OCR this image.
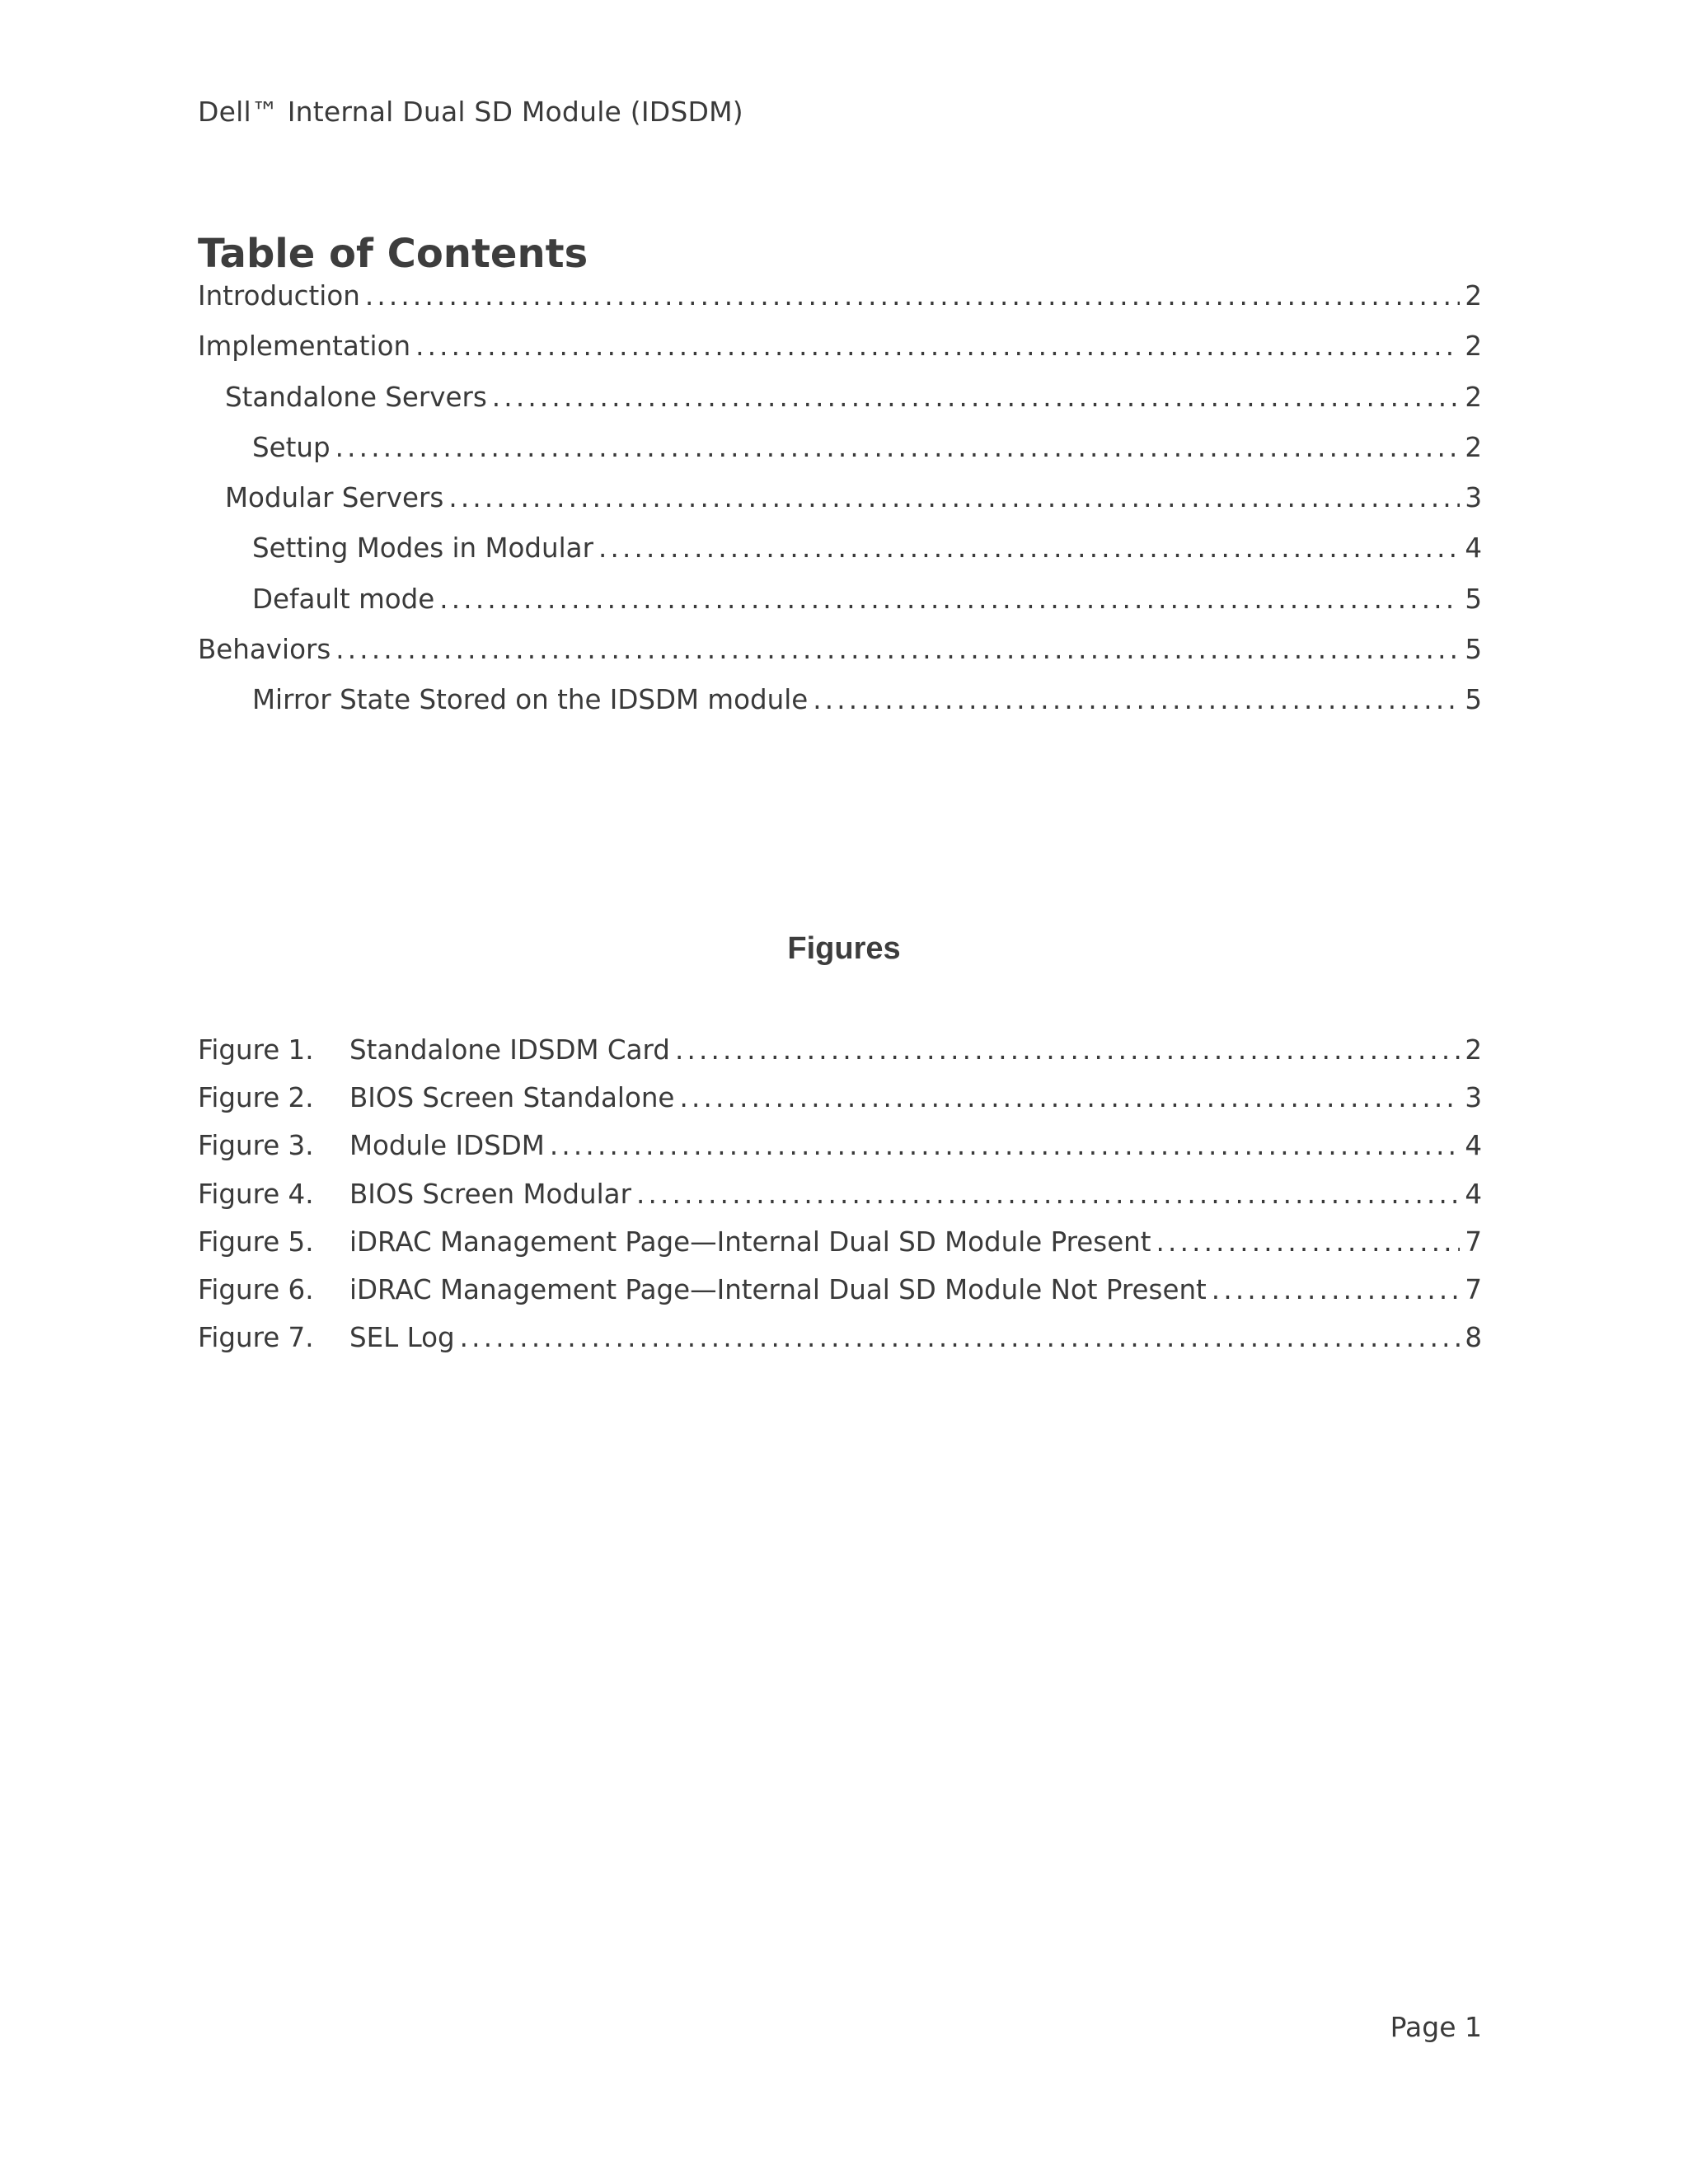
Dell™ Internal Dual SD Module (IDSDM)
Table of Contents
Introduction .....	2
Implementation .....	2
Standalone Servers .....	2
Setup .....	2
Modular Servers .....	3
Setting Modes in Modular .....	4
Default mode .....	5
Behaviors .....	5
Mirror State Stored on the IDSDM module .....	5
Figures
Figure 1.	Standalone IDSDM Card .....	2
Figure 2.	BIOS Screen Standalone .....	3
Figure 3.	Module IDSDM .....	4
Figure 4.	BIOS Screen Modular .....	4
Figure 5.	iDRAC Management Page—Internal Dual SD Module Present .....	7
Figure 6.	iDRAC Management Page—Internal Dual SD Module Not Present .....	7
Figure 7.	SEL Log .....	8
Page 1
